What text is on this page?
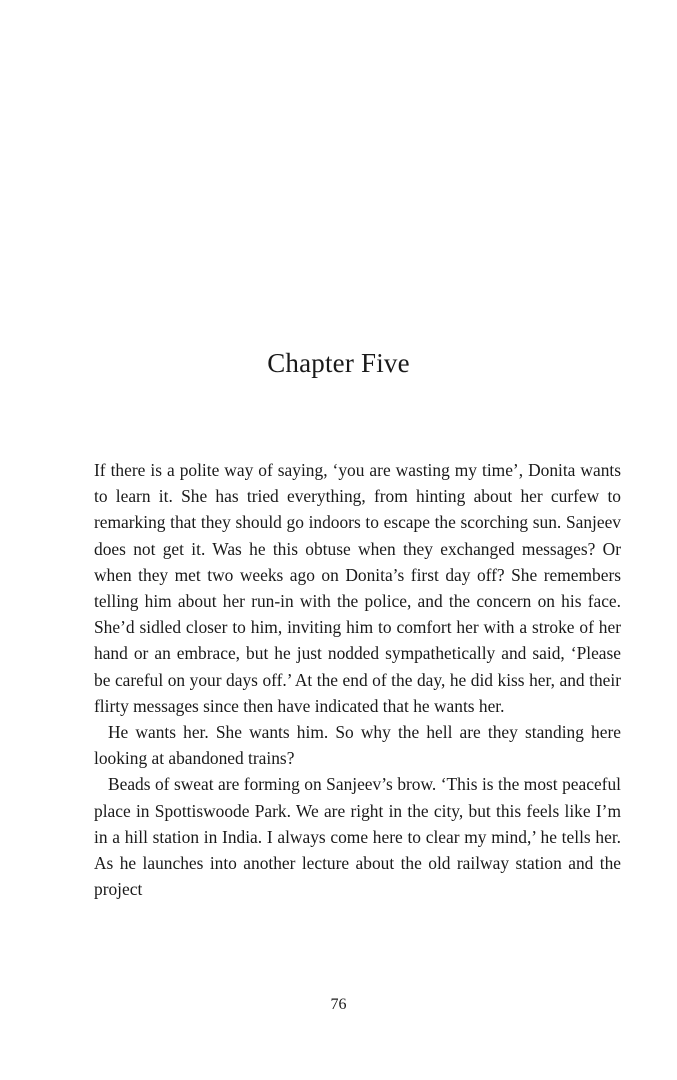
Chapter Five

If there is a polite way of saying, ‘you are wasting my time’, Donita wants to learn it. She has tried everything, from hinting about her curfew to remarking that they should go indoors to escape the scorching sun. Sanjeev does not get it. Was he this obtuse when they exchanged messages? Or when they met two weeks ago on Donita’s first day off? She remembers telling him about her run-in with the police, and the concern on his face. She’d sidled closer to him, inviting him to comfort her with a stroke of her hand or an embrace, but he just nodded sympathetically and said, ‘Please be careful on your days off.’ At the end of the day, he did kiss her, and their flirty messages since then have indicated that he wants her.

He wants her. She wants him. So why the hell are they standing here looking at abandoned trains?

Beads of sweat are forming on Sanjeev’s brow. ‘This is the most peaceful place in Spottiswoode Park. We are right in the city, but this feels like I’m in a hill station in India. I always come here to clear my mind,’ he tells her. As he launches into another lecture about the old railway station and the project

76
